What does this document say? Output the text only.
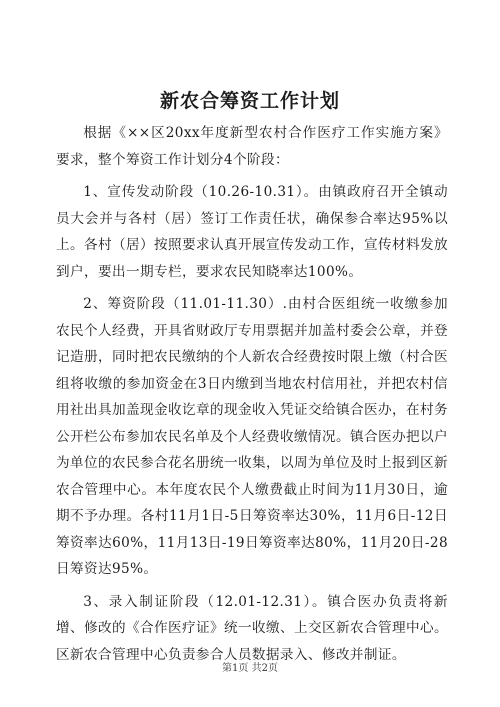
新农合筹资工作计划

根据《××区20xx年度新型农村合作医疗工作实施方案》要求，整个筹资工作计划分4个阶段：

1、宣传发动阶段（10.26-10.31）。由镇政府召开全镇动员大会并与各村（居）签订工作责任状，确保参合率达95%以上。各村（居）按照要求认真开展宣传发动工作，宣传材料发放到户，要出一期专栏，要求农民知晓率达100%。

2、筹资阶段（11.01-11.30）.由村合医组统一收缴参加农民个人经费，开具省财政厅专用票据并加盖村委会公章，并登记造册，同时把农民缴纳的个人新农合经费按时限上缴（村合医组将收缴的参加资金在3日内缴到当地农村信用社，并把农村信用社出具加盖现金收讫章的现金收入凭证交给镇合医办，在村务公开栏公布参加农民名单及个人经费收缴情况。镇合医办把以户为单位的农民参合花名册统一收集，以周为单位及时上报到区新农合管理中心。本年度农民个人缴费截止时间为11月30日，逾期不予办理。各村11月1日-5日筹资率达30%，11月6日-12日筹资率达60%，11月13日-19日筹资率达80%，11月20日-28日筹资达95%。

3、录入制证阶段（12.01-12.31）。镇合医办负责将新增、修改的《合作医疗证》统一收缴、上交区新农合管理中心。区新农合管理中心负责参合人员数据录入、修改并制证。

第1页 共2页
